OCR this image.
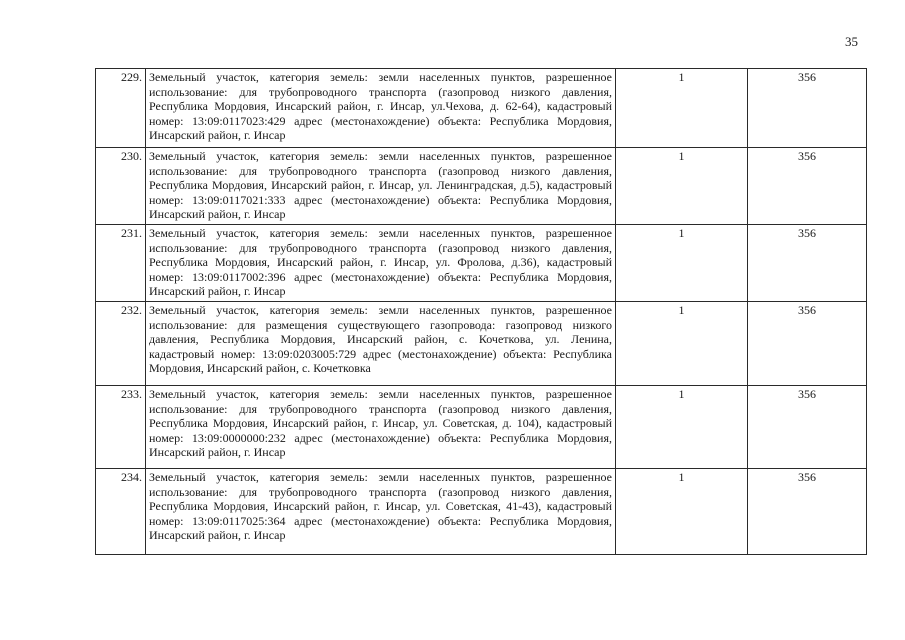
35
229.	Земельный участок, категория земель: земли населенных пунктов, разрешенное использование: для трубопроводного транспорта (газопровод низкого давления, Республика Мордовия, Инсарский район, г. Инсар, ул.Чехова, д. 62-64), кадастровый номер: 13:09:0117023:429 адрес (местонахождение) объекта: Республика Мордовия, Инсарский район, г. Инсар	1	356
230.	Земельный участок, категория земель: земли населенных пунктов, разрешенное использование: для трубопроводного транспорта (газопровод низкого давления, Республика Мордовия, Инсарский район, г. Инсар, ул. Ленинградская, д.5), кадастровый номер: 13:09:0117021:333 адрес (местонахождение) объекта: Республика Мордовия, Инсарский район, г. Инсар	1	356
231.	Земельный участок, категория земель: земли населенных пунктов, разрешенное использование: для трубопроводного транспорта (газопровод низкого давления, Республика Мордовия, Инсарский район, г. Инсар, ул. Фролова, д.36), кадастровый номер: 13:09:0117002:396 адрес (местонахождение) объекта: Республика Мордовия, Инсарский район, г. Инсар	1	356
232.	Земельный участок, категория земель: земли населенных пунктов, разрешенное использование: для размещения существующего газопровода: газопровод низкого давления, Республика Мордовия, Инсарский район, с. Кочеткова, ул. Ленина, кадастровый номер: 13:09:0203005:729 адрес (местонахождение) объекта: Республика Мордовия, Инсарский район, с. Кочетковка	1	356
233.	Земельный участок, категория земель: земли населенных пунктов, разрешенное использование: для трубопроводного транспорта (газопровод низкого давления, Республика Мордовия, Инсарский район, г. Инсар, ул. Советская, д. 104), кадастровый номер: 13:09:0000000:232 адрес (местонахождение) объекта: Республика Мордовия, Инсарский район, г. Инсар	1	356
234.	Земельный участок, категория земель: земли населенных пунктов, разрешенное использование: для трубопроводного транспорта (газопровод низкого давления, Республика Мордовия, Инсарский район, г. Инсар, ул. Советская, 41-43), кадастровый номер: 13:09:0117025:364 адрес (местонахождение) объекта: Республика Мордовия, Инсарский район, г. Инсар	1	356
